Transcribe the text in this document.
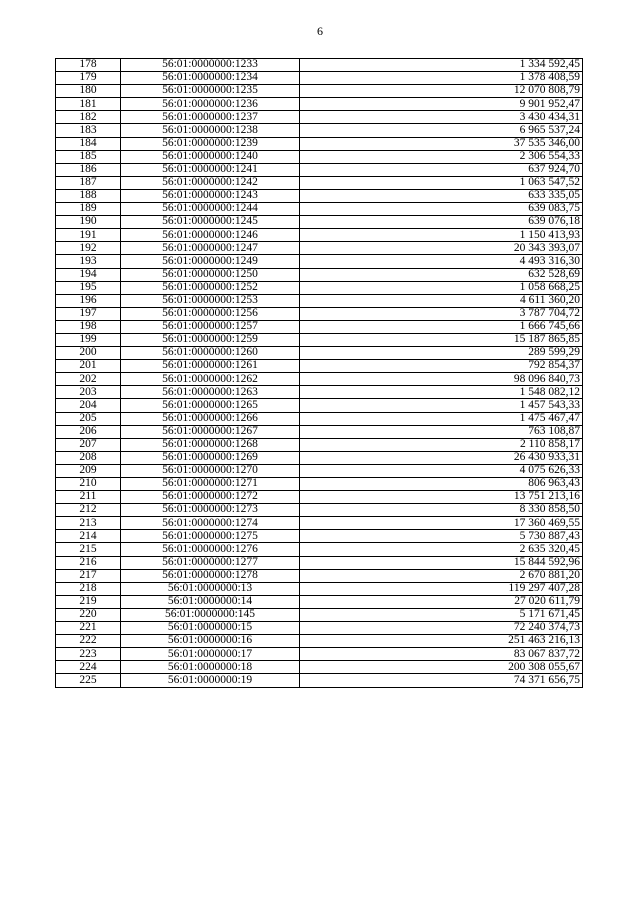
6
178	56:01:0000000:1233	1 334 592,45
179	56:01:0000000:1234	1 378 408,59
180	56:01:0000000:1235	12 070 808,79
181	56:01:0000000:1236	9 901 952,47
182	56:01:0000000:1237	3 430 434,31
183	56:01:0000000:1238	6 965 537,24
184	56:01:0000000:1239	37 535 346,00
185	56:01:0000000:1240	2 306 554,33
186	56:01:0000000:1241	637 924,70
187	56:01:0000000:1242	1 063 547,52
188	56:01:0000000:1243	633 335,05
189	56:01:0000000:1244	639 083,75
190	56:01:0000000:1245	639 076,18
191	56:01:0000000:1246	1 150 413,93
192	56:01:0000000:1247	20 343 393,07
193	56:01:0000000:1249	4 493 316,30
194	56:01:0000000:1250	632 528,69
195	56:01:0000000:1252	1 058 668,25
196	56:01:0000000:1253	4 611 360,20
197	56:01:0000000:1256	3 787 704,72
198	56:01:0000000:1257	1 666 745,66
199	56:01:0000000:1259	15 187 865,85
200	56:01:0000000:1260	289 599,29
201	56:01:0000000:1261	792 854,37
202	56:01:0000000:1262	98 096 840,73
203	56:01:0000000:1263	1 548 082,12
204	56:01:0000000:1265	1 457 543,33
205	56:01:0000000:1266	1 475 467,47
206	56:01:0000000:1267	763 108,87
207	56:01:0000000:1268	2 110 858,17
208	56:01:0000000:1269	26 430 933,31
209	56:01:0000000:1270	4 075 626,33
210	56:01:0000000:1271	806 963,43
211	56:01:0000000:1272	13 751 213,16
212	56:01:0000000:1273	8 330 858,50
213	56:01:0000000:1274	17 360 469,55
214	56:01:0000000:1275	5 730 887,43
215	56:01:0000000:1276	2 635 320,45
216	56:01:0000000:1277	15 844 592,96
217	56:01:0000000:1278	2 670 881,20
218	56:01:0000000:13	119 297 407,28
219	56:01:0000000:14	27 020 611,79
220	56:01:0000000:145	5 171 671,45
221	56:01:0000000:15	72 240 374,73
222	56:01:0000000:16	251 463 216,13
223	56:01:0000000:17	83 067 837,72
224	56:01:0000000:18	200 308 055,67
225	56:01:0000000:19	74 371 656,75
